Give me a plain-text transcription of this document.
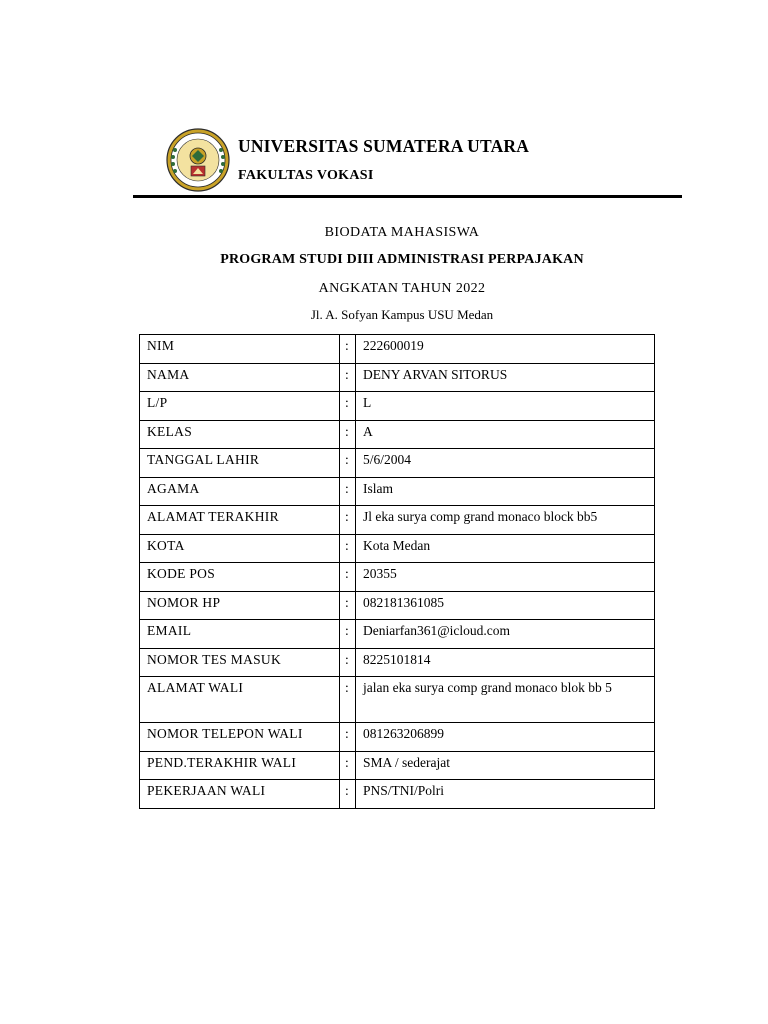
UNIVERSITAS SUMATERA UTARA
FAKULTAS VOKASI
BIODATA MAHASISWA
PROGRAM STUDI DIII ADMINISTRASI PERPAJAKAN
ANGKATAN TAHUN 2022
Jl. A. Sofyan Kampus USU Medan
NIM	:	222600019
NAMA	:	DENY ARVAN SITORUS
L/P	:	L
KELAS	:	A
TANGGAL LAHIR	:	5/6/2004
AGAMA	:	Islam
ALAMAT TERAKHIR	:	Jl eka surya comp grand monaco block bb5
KOTA	:	Kota Medan
KODE POS	:	20355
NOMOR HP	:	082181361085
EMAIL	:	Deniarfan361@icloud.com
NOMOR TES MASUK	:	8225101814
ALAMAT WALI	:	jalan eka surya comp grand monaco blok bb 5
NOMOR TELEPON WALI	:	081263206899
PEND.TERAKHIR WALI	:	SMA / sederajat
PEKERJAAN WALI	:	PNS/TNI/Polri
